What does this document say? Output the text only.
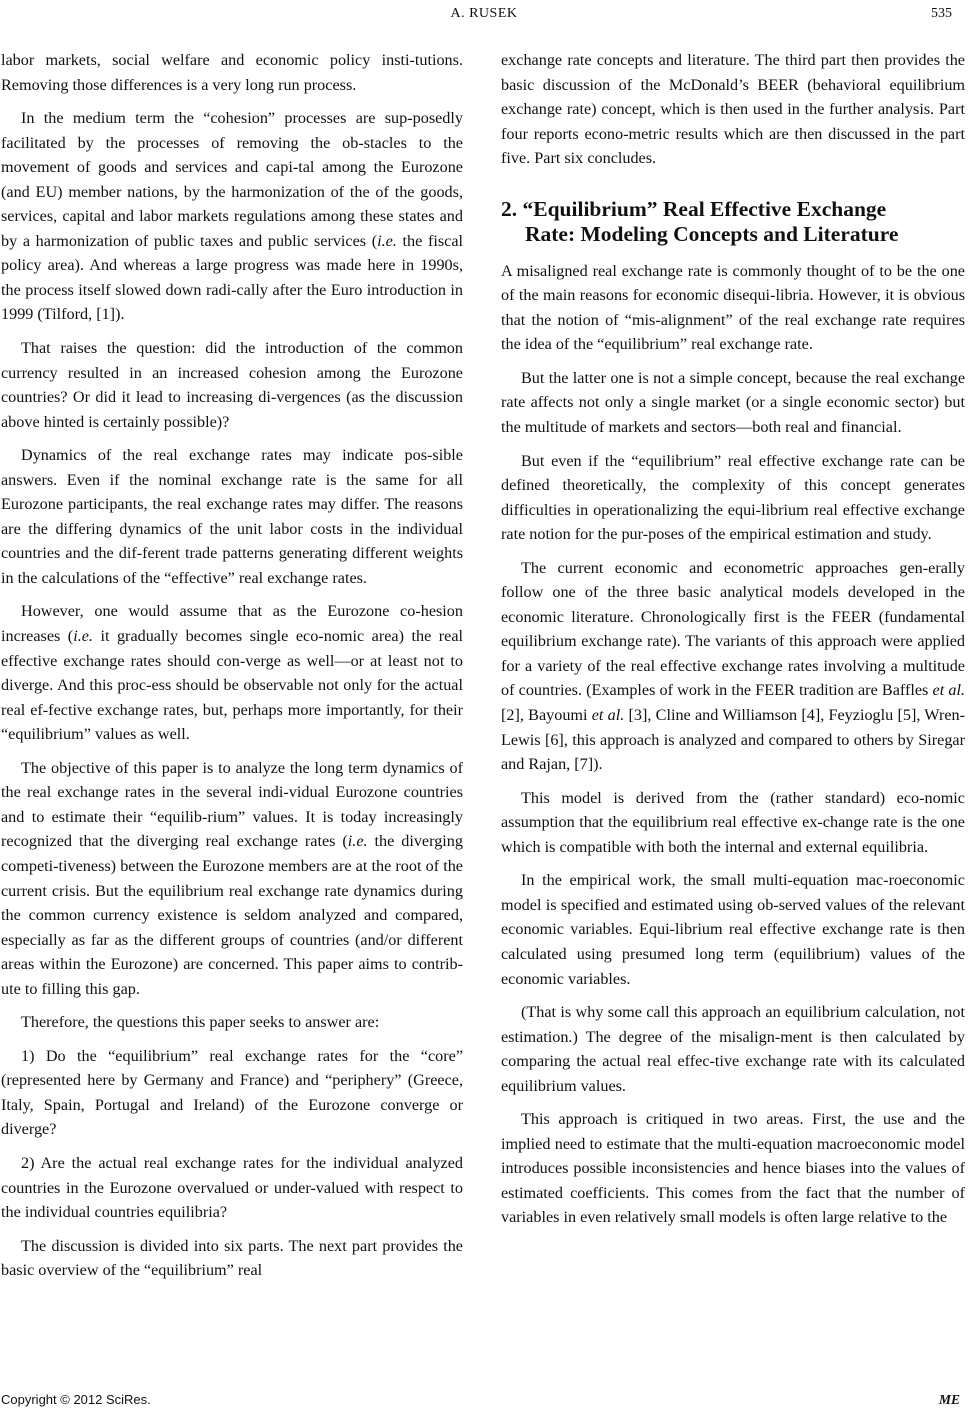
A. RUSEK	535

labor markets, social welfare and economic policy insti-tutions. Removing those differences is a very long run process.

In the medium term the “cohesion” processes are sup-posedly facilitated by the processes of removing the ob-stacles to the movement of goods and services and capi-tal among the Eurozone (and EU) member nations, by the harmonization of the of the goods, services, capital and labor markets regulations among these states and by a harmonization of public taxes and public services (i.e. the fiscal policy area). And whereas a large progress was made here in 1990s, the process itself slowed down radi-cally after the Euro introduction in 1999 (Tilford, [1]).

That raises the question: did the introduction of the common currency resulted in an increased cohesion among the Eurozone countries? Or did it lead to increasing di-vergences (as the discussion above hinted is certainly possible)?

Dynamics of the real exchange rates may indicate pos-sible answers. Even if the nominal exchange rate is the same for all Eurozone participants, the real exchange rates may differ. The reasons are the differing dynamics of the unit labor costs in the individual countries and the dif-ferent trade patterns generating different weights in the calculations of the “effective” real exchange rates.

However, one would assume that as the Eurozone co-hesion increases (i.e. it gradually becomes single eco-nomic area) the real effective exchange rates should con-verge as well—or at least not to diverge. And this proc-ess should be observable not only for the actual real ef-fective exchange rates, but, perhaps more importantly, for their “equilibrium” values as well.

The objective of this paper is to analyze the long term dynamics of the real exchange rates in the several indi-vidual Eurozone countries and to estimate their “equilib-rium” values. It is today increasingly recognized that the diverging real exchange rates (i.e. the diverging competi-tiveness) between the Eurozone members are at the root of the current crisis. But the equilibrium real exchange rate dynamics during the common currency existence is seldom analyzed and compared, especially as far as the different groups of countries (and/or different areas within the Eurozone) are concerned. This paper aims to contrib-ute to filling this gap.

Therefore, the questions this paper seeks to answer are:

1) Do the “equilibrium” real exchange rates for the “core” (represented here by Germany and France) and “periphery” (Greece, Italy, Spain, Portugal and Ireland) of the Eurozone converge or diverge?

2) Are the actual real exchange rates for the individual analyzed countries in the Eurozone overvalued or under-valued with respect to the individual countries equilibria?

The discussion is divided into six parts. The next part provides the basic overview of the “equilibrium” real

exchange rate concepts and literature. The third part then provides the basic discussion of the McDonald’s BEER (behavioral equilibrium exchange rate) concept, which is then used in the further analysis. Part four reports econo-metric results which are then discussed in the part five. Part six concludes.

2. “Equilibrium” Real Effective Exchange
Rate: Modeling Concepts and Literature

A misaligned real exchange rate is commonly thought of to be the one of the main reasons for economic disequi-libria. However, it is obvious that the notion of “mis-alignment” of the real exchange rate requires the idea of the “equilibrium” real exchange rate.

But the latter one is not a simple concept, because the real exchange rate affects not only a single market (or a single economic sector) but the multitude of markets and sectors—both real and financial.

But even if the “equilibrium” real effective exchange rate can be defined theoretically, the complexity of this concept generates difficulties in operationalizing the equi-librium real effective exchange rate notion for the pur-poses of the empirical estimation and study.

The current economic and econometric approaches gen-erally follow one of the three basic analytical models developed in the economic literature. Chronologically first is the FEER (fundamental equilibrium exchange rate). The variants of this approach were applied for a variety of the real effective exchange rates involving a multitude of countries. (Examples of work in the FEER tradition are Baffles et al. [2], Bayoumi et al. [3], Cline and Williamson [4], Feyzioglu [5], Wren-Lewis [6], this approach is analyzed and compared to others by Siregar and Rajan, [7]).

This model is derived from the (rather standard) eco-nomic assumption that the equilibrium real effective ex-change rate is the one which is compatible with both the internal and external equilibria.

In the empirical work, the small multi-equation mac-roeconomic model is specified and estimated using ob-served values of the relevant economic variables. Equi-librium real effective exchange rate is then calculated using presumed long term (equilibrium) values of the economic variables.

(That is why some call this approach an equilibrium calculation, not estimation.) The degree of the misalign-ment is then calculated by comparing the actual real effec-tive exchange rate with its calculated equilibrium values.

This approach is critiqued in two areas. First, the use and the implied need to estimate that the multi-equation macroeconomic model introduces possible inconsistencies and hence biases into the values of estimated coefficients. This comes from the fact that the number of variables in even relatively small models is often large relative to the

Copyright © 2012 SciRes.	ME
